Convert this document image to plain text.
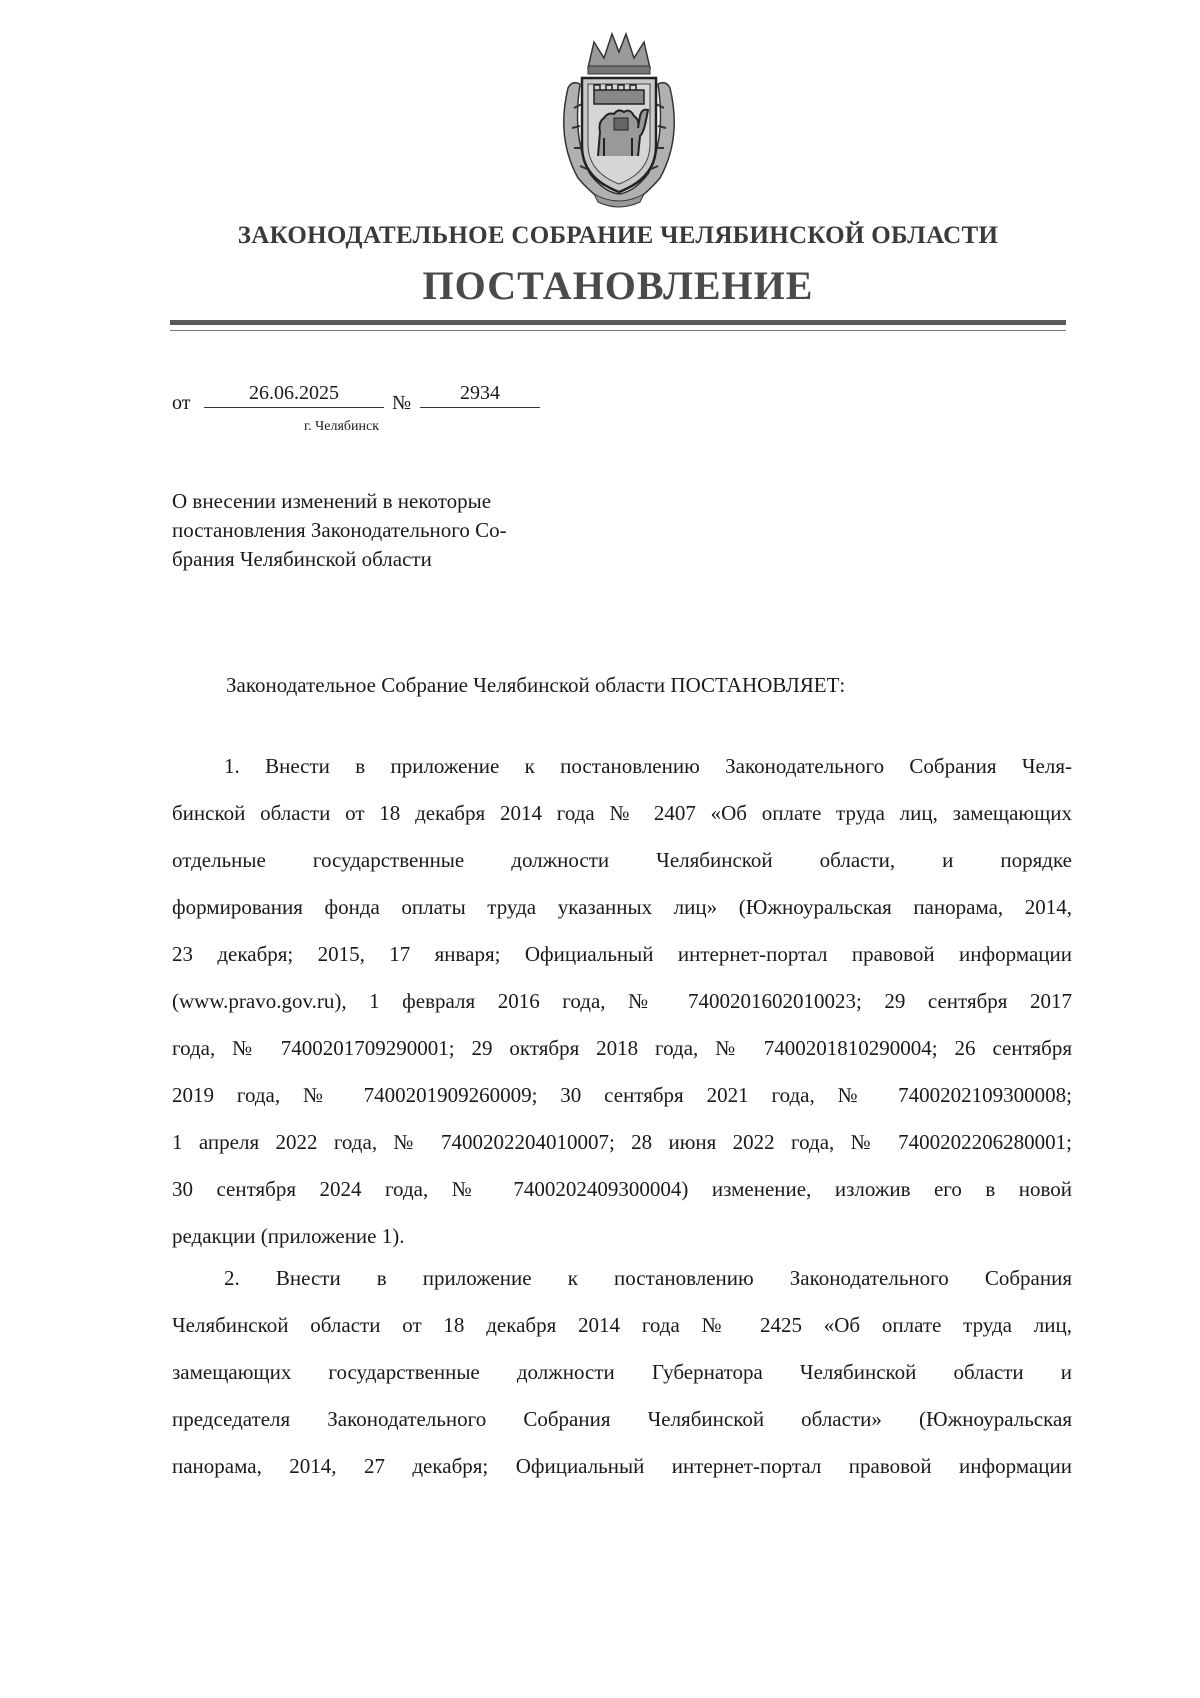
ЗАКОНОДАТЕЛЬНОЕ СОБРАНИЕ ЧЕЛЯБИНСКОЙ ОБЛАСТИ
ПОСТАНОВЛЕНИЕ
от	26.06.2025	№	2934
г. Челябинск
О внесении изменений в некоторые
постановления Законодательного Со-
брания Челябинской области
Законодательное Собрание Челябинской области ПОСТАНОВЛЯЕТ:
1. Внести в приложение к постановлению Законодательного Собрания Челя-
бинской области от 18 декабря 2014 года № 2407 «Об оплате труда лиц, замещающих
отдельные государственные должности Челябинской области, и порядке
формирования фонда оплаты труда указанных лиц» (Южноуральская панорама, 2014,
23 декабря; 2015, 17 января; Официальный интернет-портал правовой информации
(www.pravo.gov.ru), 1 февраля 2016 года, № 7400201602010023; 29 сентября 2017
года, № 7400201709290001; 29 октября 2018 года, № 7400201810290004; 26 сентября
2019 года, № 7400201909260009; 30 сентября 2021 года, № 7400202109300008;
1 апреля 2022 года, № 7400202204010007; 28 июня 2022 года, № 7400202206280001;
30 сентября 2024 года, № 7400202409300004) изменение, изложив его в новой
редакции (приложение 1).
2. Внести в приложение к постановлению Законодательного Собрания
Челябинской области от 18 декабря 2014 года № 2425 «Об оплате труда лиц,
замещающих государственные должности Губернатора Челябинской области и
председателя Законодательного Собрания Челябинской области» (Южноуральская
панорама, 2014, 27 декабря; Официальный интернет-портал правовой информации
